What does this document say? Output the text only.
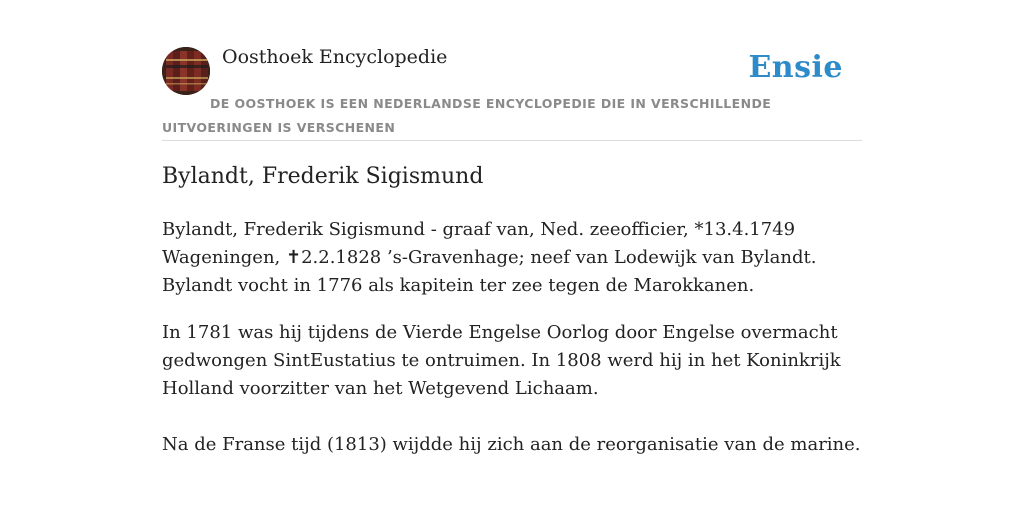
Oosthoek Encyclopedie	Ensie
DE OOSTHOEK IS EEN NEDERLANDSE ENCYCLOPEDIE DIE IN VERSCHILLENDE UITVOERINGEN IS VERSCHENEN
Bylandt, Frederik Sigismund

Bylandt, Frederik Sigismund - graaf van, Ned. zeeofficier, *13.4.1749 Wageningen, ✝2.2.1828 ’s-Gravenhage; neef van Lodewijk van Bylandt. Bylandt vocht in 1776 als kapitein ter zee tegen de Marokkanen.

In 1781 was hij tijdens de Vierde Engelse Oorlog door Engelse overmacht gedwongen SintEustatius te ontruimen. In 1808 werd hij in het Koninkrijk Holland voorzitter van het Wetgevend Lichaam.

Na de Franse tijd (1813) wijdde hij zich aan de reorganisatie van de marine.
